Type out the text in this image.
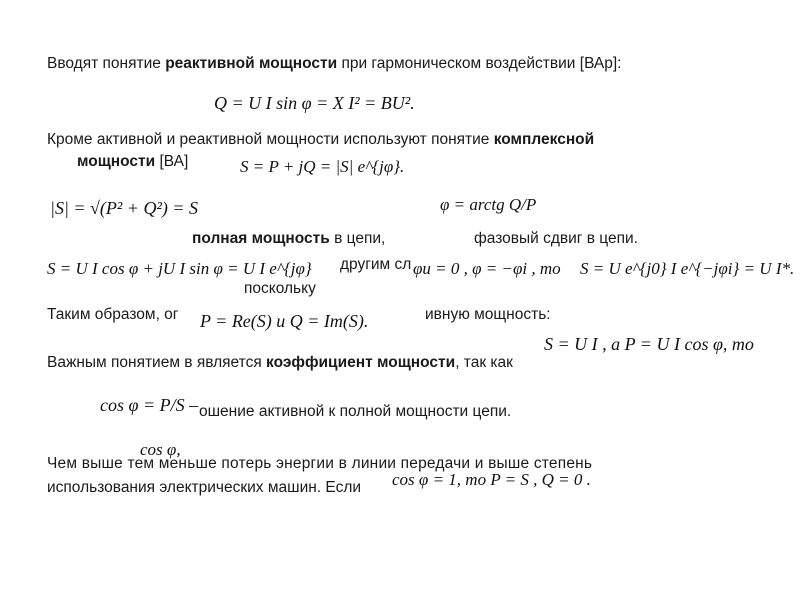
Вводят понятие реактивной мощности при гармоническом воздействии [ВАр]:
Q = U I sin φ = X I² = BU².
Кроме активной и реактивной мощности используют понятие комплексной
мощности [ВА]	S = P + jQ = |S| e^{jφ}.
|S| = √(P² + Q²) = S	φ = arctg Q/P
полная мощность в цепи,	фазовый сдвиг в цепи.
S = U I cos φ + jU I sin φ = U I e^{jφ} другим сл φu = 0 , φ = −φi , то S = U e^{j0} I e^{−jφi} = U I*.
поскольку
Таким образом, ог P = Re(S) и Q = Im(S).	ивную мощность:
S = U I , а P = U I cos φ, то
Важным понятием в является коэффициент мощности, так как
cos φ = P/S – ошение активной к полной мощности цепи.
cos φ,
Чем выше тем меньше потерь энергии в линии передачи и выше степень
использования электрических машин. Если cos φ = 1, то P = S , Q = 0 .
